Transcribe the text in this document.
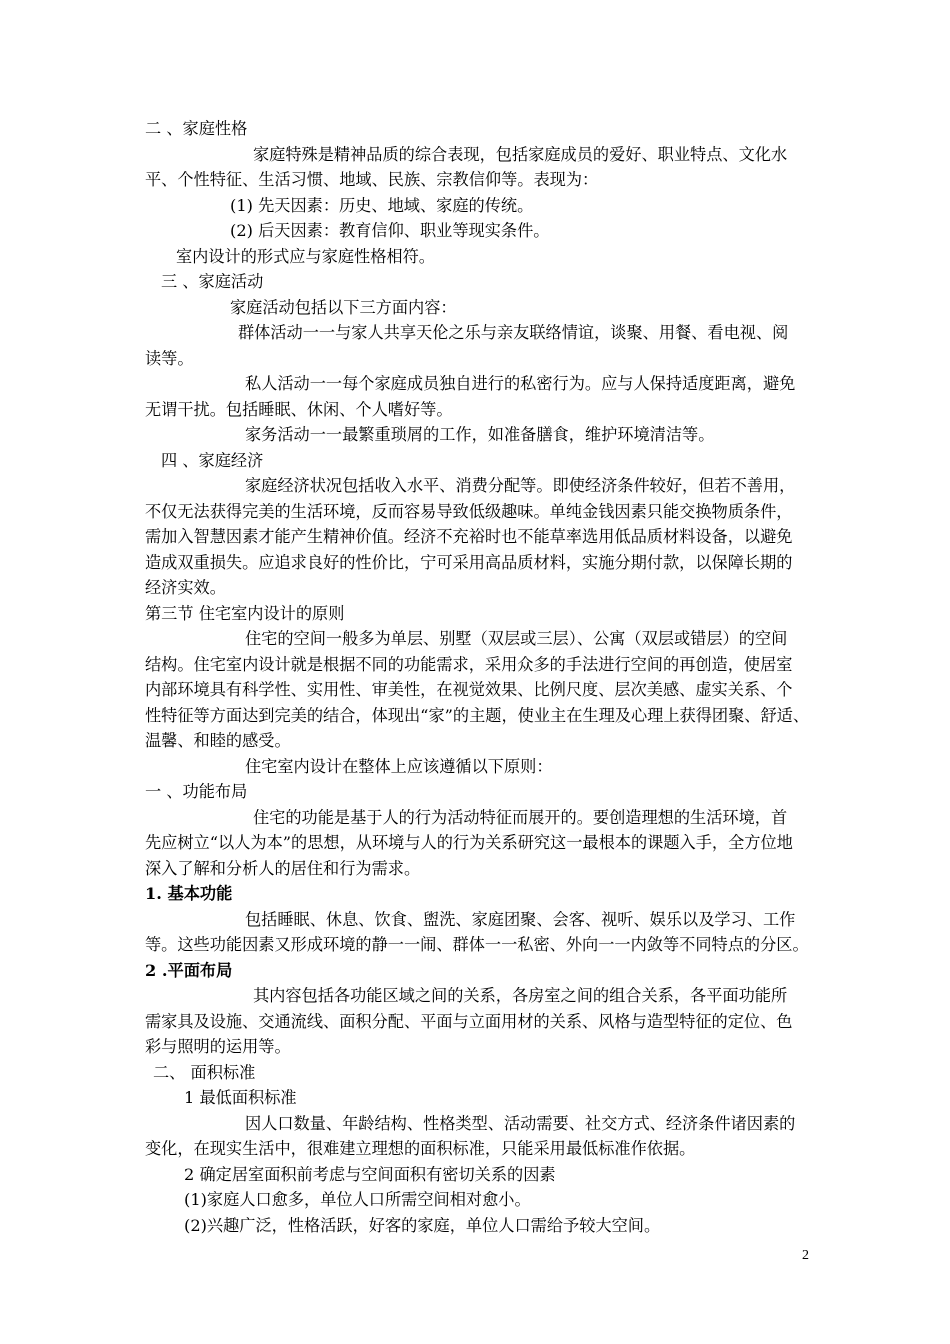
二 、家庭性格
家庭特殊是精神品质的综合表现，包括家庭成员的爱好、职业特点、文化水
平、个性特征、生活习惯、地域、民族、宗教信仰等。表现为：
(1) 先天因素：历史、地域、家庭的传统。
(2) 后天因素：教育信仰、职业等现实条件。
室内设计的形式应与家庭性格相符。
三 、家庭活动
家庭活动包括以下三方面内容：
群体活动一一与家人共享天伦之乐与亲友联络情谊，谈聚、用餐、看电视、阅
读等。
私人活动一一每个家庭成员独自进行的私密行为。应与人保持适度距离，避免
无谓干扰。包括睡眠、休闲、个人嗜好等。
家务活动一一最繁重琐屑的工作，如准备膳食，维护环境清洁等。
四 、家庭经济
家庭经济状况包括收入水平、消费分配等。即使经济条件较好，但若不善用，
不仅无法获得完美的生活环境，反而容易导致低级趣味。单纯金钱因素只能交换物质条件，
需加入智慧因素才能产生精神价值。经济不充裕时也不能草率选用低品质材料设备，以避免
造成双重损失。应追求良好的性价比，宁可采用高品质材料，实施分期付款，以保障长期的
经济实效。
第三节 住宅室内设计的原则
住宅的空间一般多为单层、别墅（双层或三层）、公寓（双层或错层）的空间
结构。住宅室内设计就是根据不同的功能需求，采用众多的手法进行空间的再创造，使居室
内部环境具有科学性、实用性、审美性，在视觉效果、比例尺度、层次美感、虚实关系、个
性特征等方面达到完美的结合，体现出“家”的主题，使业主在生理及心理上获得团聚、舒适、
温馨、和睦的感受。
住宅室内设计在整体上应该遵循以下原则：
一 、功能布局
住宅的功能是基于人的行为活动特征而展开的。要创造理想的生活环境，首
先应树立“以人为本”的思想，从环境与人的行为关系研究这一最根本的课题入手，全方位地
深入了解和分析人的居住和行为需求。
1. 基本功能
包括睡眠、休息、饮食、盥洗、家庭团聚、会客、视听、娱乐以及学习、工作
等。这些功能因素又形成环境的静一一闹、群体一一私密、外向一一内敛等不同特点的分区。
2 .平面布局
其内容包括各功能区域之间的关系，各房室之间的组合关系，各平面功能所
需家具及设施、交通流线、面积分配、平面与立面用材的关系、风格与造型特征的定位、色
彩与照明的运用等。
二、 面积标准
1 最低面积标准
因人口数量、年龄结构、性格类型、活动需要、社交方式、经济条件诸因素的
变化，在现实生活中，很难建立理想的面积标准，只能采用最低标准作依据。
2 确定居室面积前考虑与空间面积有密切关系的因素
(1)家庭人口愈多，单位人口所需空间相对愈小。
(2)兴趣广泛，性格活跃，好客的家庭，单位人口需给予较大空间。
2
